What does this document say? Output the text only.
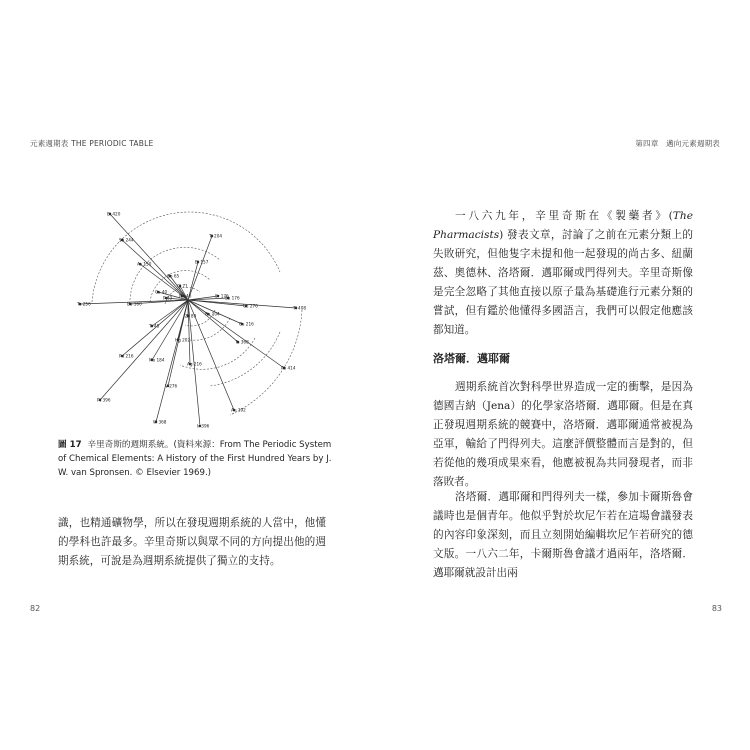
元素週期表 THE PERIODIC TABLE
Bi 420
Sb 244
Tl 204
Bi 157
As 150
Zn 65
Cl 71
Ca 40
Na 46
P 63	Sr 176
Te 256	Ba 160
Sb 176
Ce 276	Tl 408
Ti 48
Zr 89 Ru 104
Os 216
Ta 368
Hg 202
Mo 184
Pd 216
Ag 216
Pb 414
V 276
Pt 396
W 368
Au 392
Ir 396
圖 17 辛里奇斯的週期系統。(資料來源：From The Periodic System of Chemical Elements: A History of the First Hundred Years by J. W. van Spronsen. © Elsevier 1969.)

識，也精通礦物學，所以在發現週期系統的人當中，他懂的學科也許最多。辛里奇斯以與眾不同的方向提出他的週期系統，可說是為週期系統提供了獨立的支持。

82
第四章　邁向元素週期表

一八六九年，辛里奇斯在《製藥者》(The Pharmacists) 發表文章，討論了之前在元素分類上的失敗研究，但他隻字未提和他一起發現的尚古多、紐蘭茲、奧德林、洛塔爾．邁耶爾或門得列夫。辛里奇斯像是完全忽略了其他直接以原子量為基礎進行元素分類的嘗試，但有鑑於他懂得多國語言，我們可以假定他應該都知道。

洛塔爾．邁耶爾

週期系統首次對科學世界造成一定的衝擊，是因為德國吉納（Jena）的化學家洛塔爾．邁耶爾。但是在真正發現週期系統的競賽中，洛塔爾．邁耶爾通常被視為亞軍，輸給了門得列夫。這麼評價整體而言是對的，但若從他的幾項成果來看，他應被視為共同發現者，而非落敗者。

洛塔爾．邁耶爾和門得列夫一樣，參加卡爾斯魯會議時也是個青年。他似乎對於坎尼乍若在這場會議發表的內容印象深刻，而且立刻開始編輯坎尼乍若研究的德文版。一八六二年，卡爾斯魯會議才過兩年，洛塔爾．邁耶爾就設計出兩

83
